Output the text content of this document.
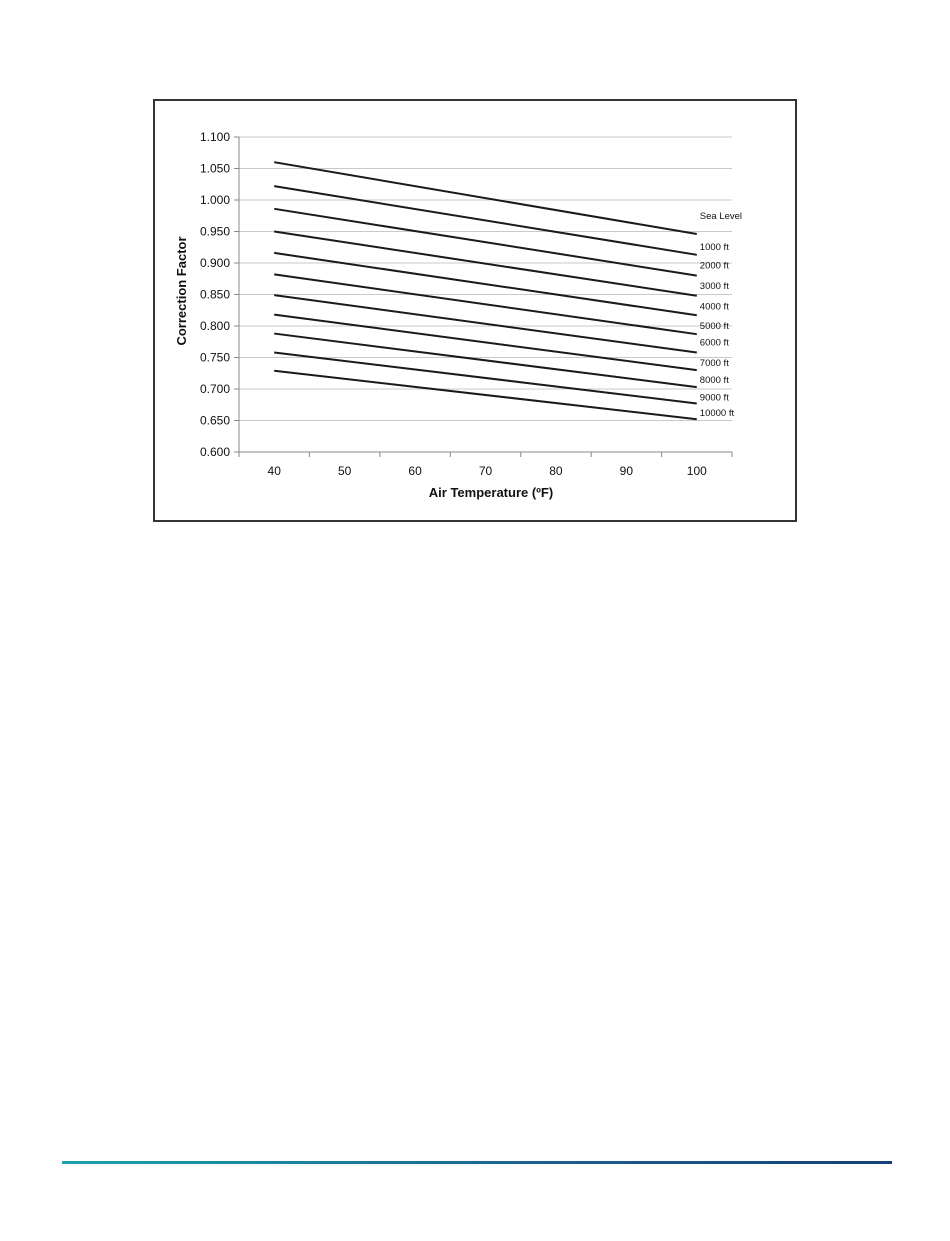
0.600
0.650
0.700
0.750
0.800
0.850
0.900
0.950
1.000
1.050
1.100
40	50	60	70	80	90	100
Sea Level
1000 ft
2000 ft
3000 ft
4000 ft
5000 ft
6000 ft
7000 ft
8000 ft
9000 ft
10000 ft
Correction Factor
Air Temperature (ºF)
